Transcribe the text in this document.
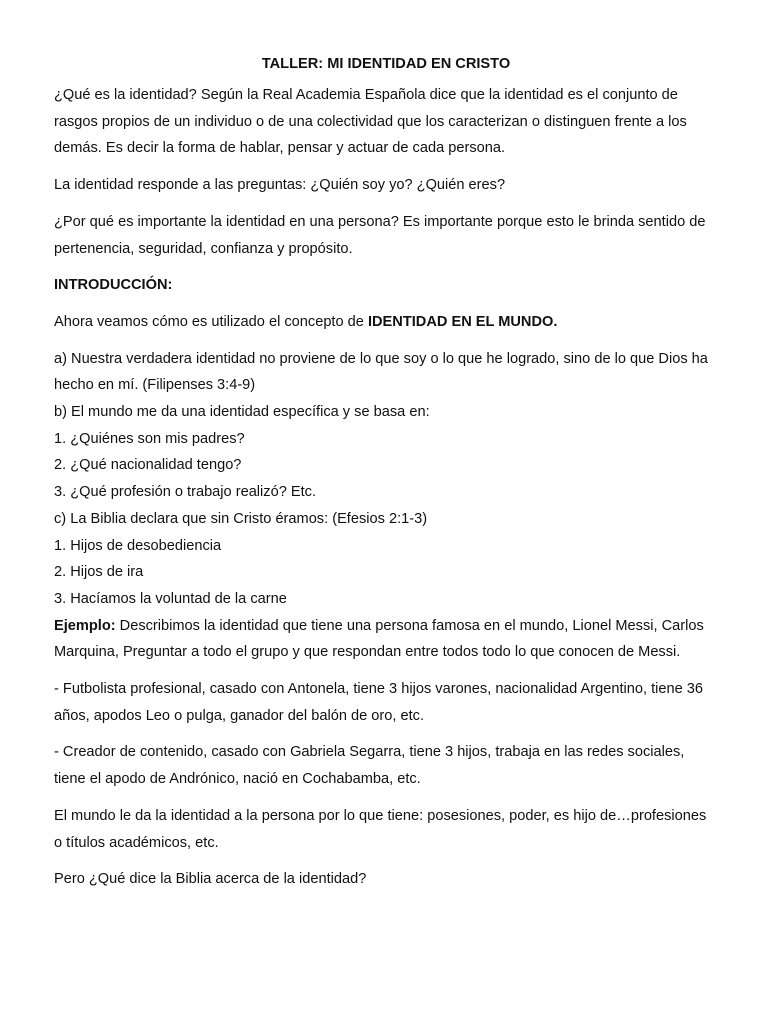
TALLER: MI IDENTIDAD EN CRISTO

¿Qué es la identidad? Según la Real Academia Española dice que la identidad es el conjunto de rasgos propios de un individuo o de una colectividad que los caracterizan o distinguen frente a los demás. Es decir la forma de hablar, pensar y actuar de cada persona.

La identidad responde a las preguntas: ¿Quién soy yo? ¿Quién eres?

¿Por qué es importante la identidad en una persona? Es importante porque esto le brinda sentido de pertenencia, seguridad, confianza y propósito.

INTRODUCCIÓN:

Ahora veamos cómo es utilizado el concepto de IDENTIDAD EN EL MUNDO.

a) Nuestra verdadera identidad no proviene de lo que soy o lo que he logrado, sino de lo que Dios ha hecho en mí. (Filipenses 3:4-9)

b) El mundo me da una identidad específica y se basa en:

1. ¿Quiénes son mis padres?

2. ¿Qué nacionalidad tengo?

3. ¿Qué profesión o trabajo realizó? Etc.

c) La Biblia declara que sin Cristo éramos: (Efesios 2:1-3)

1. Hijos de desobediencia

2. Hijos de ira

3. Hacíamos la voluntad de la carne

Ejemplo: Describimos la identidad que tiene una persona famosa en el mundo, Lionel Messi, Carlos Marquina, Preguntar a todo el grupo y que respondan entre todos todo lo que conocen de Messi.

- Futbolista profesional, casado con Antonela, tiene 3 hijos varones, nacionalidad Argentino, tiene 36 años, apodos Leo o pulga, ganador del balón de oro, etc.

- Creador de contenido, casado con Gabriela Segarra, tiene 3 hijos, trabaja en las redes sociales, tiene el apodo de Andrónico, nació en Cochabamba, etc.

El mundo le da la identidad a la persona por lo que tiene: posesiones, poder, es hijo de…profesiones o títulos académicos, etc.

Pero ¿Qué dice la Biblia acerca de la identidad?
